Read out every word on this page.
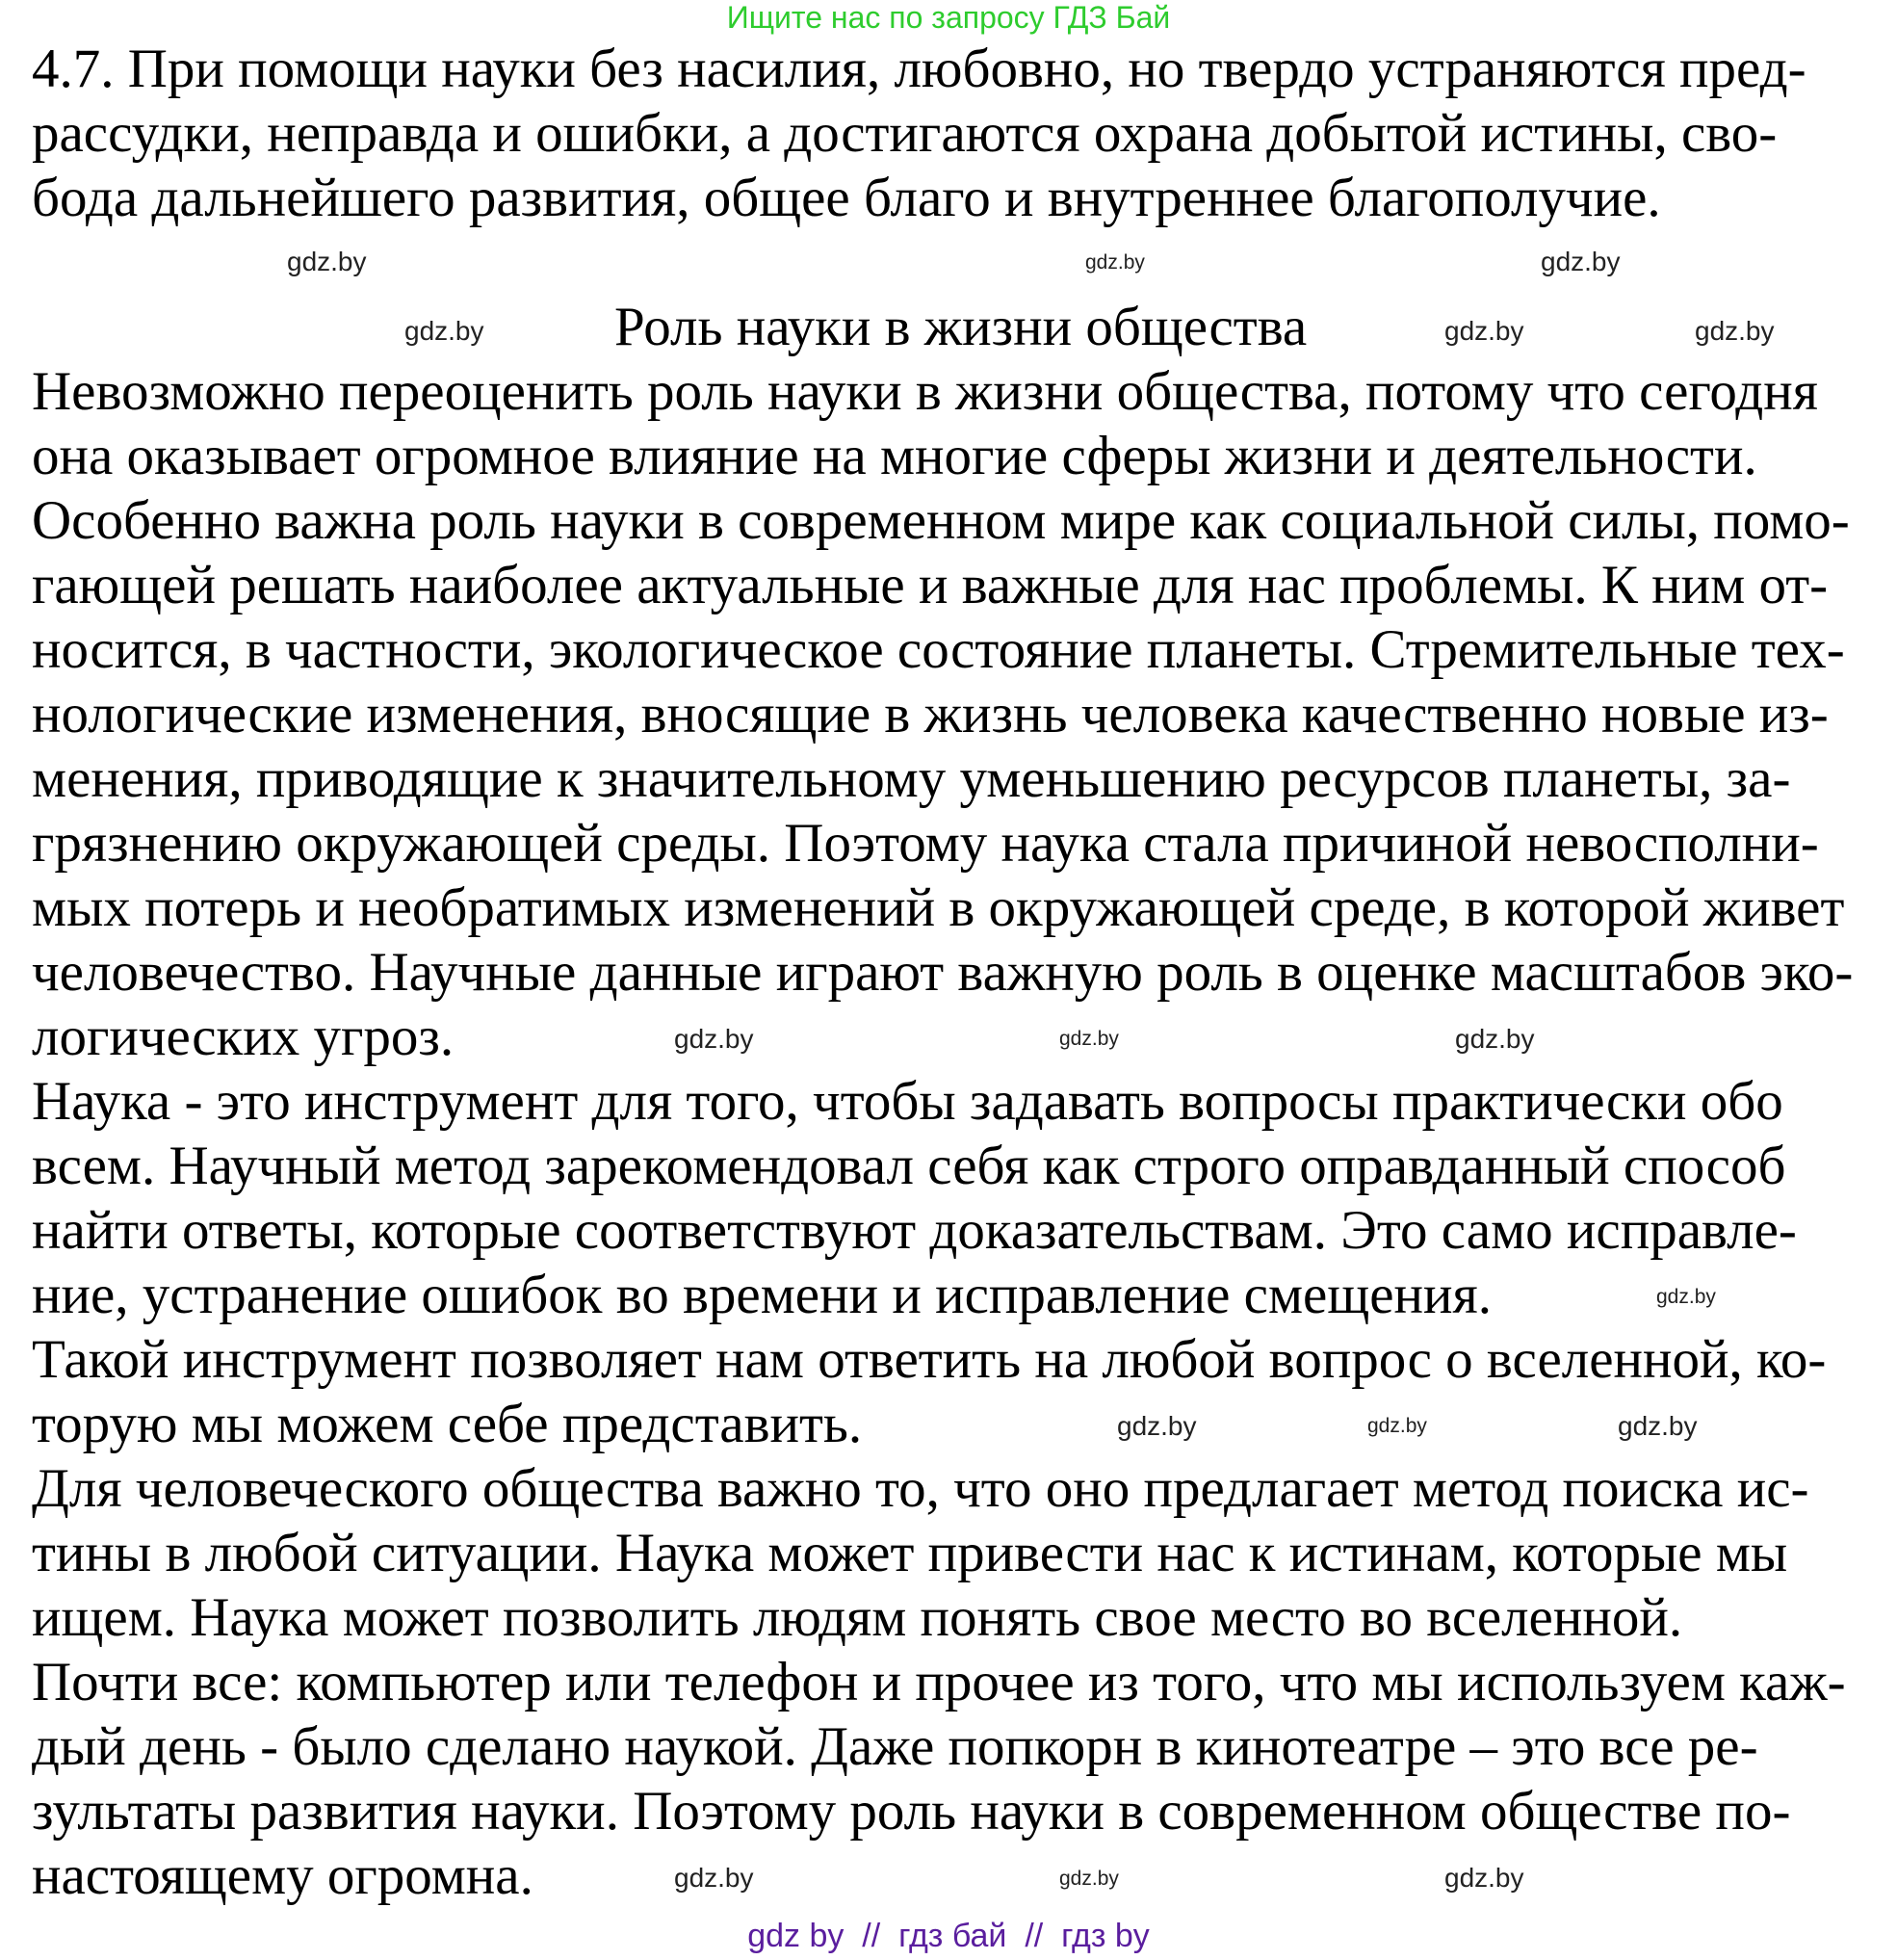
Ищите нас по запросу ГДЗ Бай
4.7. При помощи науки без насилия, любовно, но твердо устраняются пред-
рассудки, неправда и ошибки, а достигаются охрана добытой истины, сво-
бода дальнейшего развития, общее благо и внутреннее благополучие.
Роль науки в жизни общества
Невозможно переоценить роль науки в жизни общества, потому что сегодня
она оказывает огромное влияние на многие сферы жизни и деятельности.
Особенно важна роль науки в современном мире как социальной силы, помо-
гающей решать наиболее актуальные и важные для нас проблемы. К ним от-
носится, в частности, экологическое состояние планеты. Стремительные тех-
нологические изменения, вносящие в жизнь человека качественно новые из-
менения, приводящие к значительному уменьшению ресурсов планеты, за-
грязнению окружающей среды. Поэтому наука стала причиной невосполни-
мых потерь и необратимых изменений в окружающей среде, в которой живет
человечество. Научные данные играют важную роль в оценке масштабов эко-
логических угроз.
Наука - это инструмент для того, чтобы задавать вопросы практически обо
всем. Научный метод зарекомендовал себя как строго оправданный способ
найти ответы, которые соответствуют доказательствам. Это само исправле-
ние, устранение ошибок во времени и исправление смещения.
Такой инструмент позволяет нам ответить на любой вопрос о вселенной, ко-
торую мы можем себе представить.
Для человеческого общества важно то, что оно предлагает метод поиска ис-
тины в любой ситуации. Наука может привести нас к истинам, которые мы
ищем. Наука может позволить людям понять свое место во вселенной.
Почти все: компьютер или телефон и прочее из того, что мы используем каж-
дый день - было сделано наукой. Даже попкорн в кинотеатре – это все ре-
зультаты развития науки. Поэтому роль науки в современном обществе по-
настоящему огромна.
gdz.by	gdz.by	gdz.by
gdz.by	gdz.by	gdz.by
gdz.by	gdz.by	gdz.by
gdz.by
gdz.by	gdz.by	gdz.by
gdz.by	gdz.by	gdz.by
gdz by  //  гдз бай  //  гдз by
